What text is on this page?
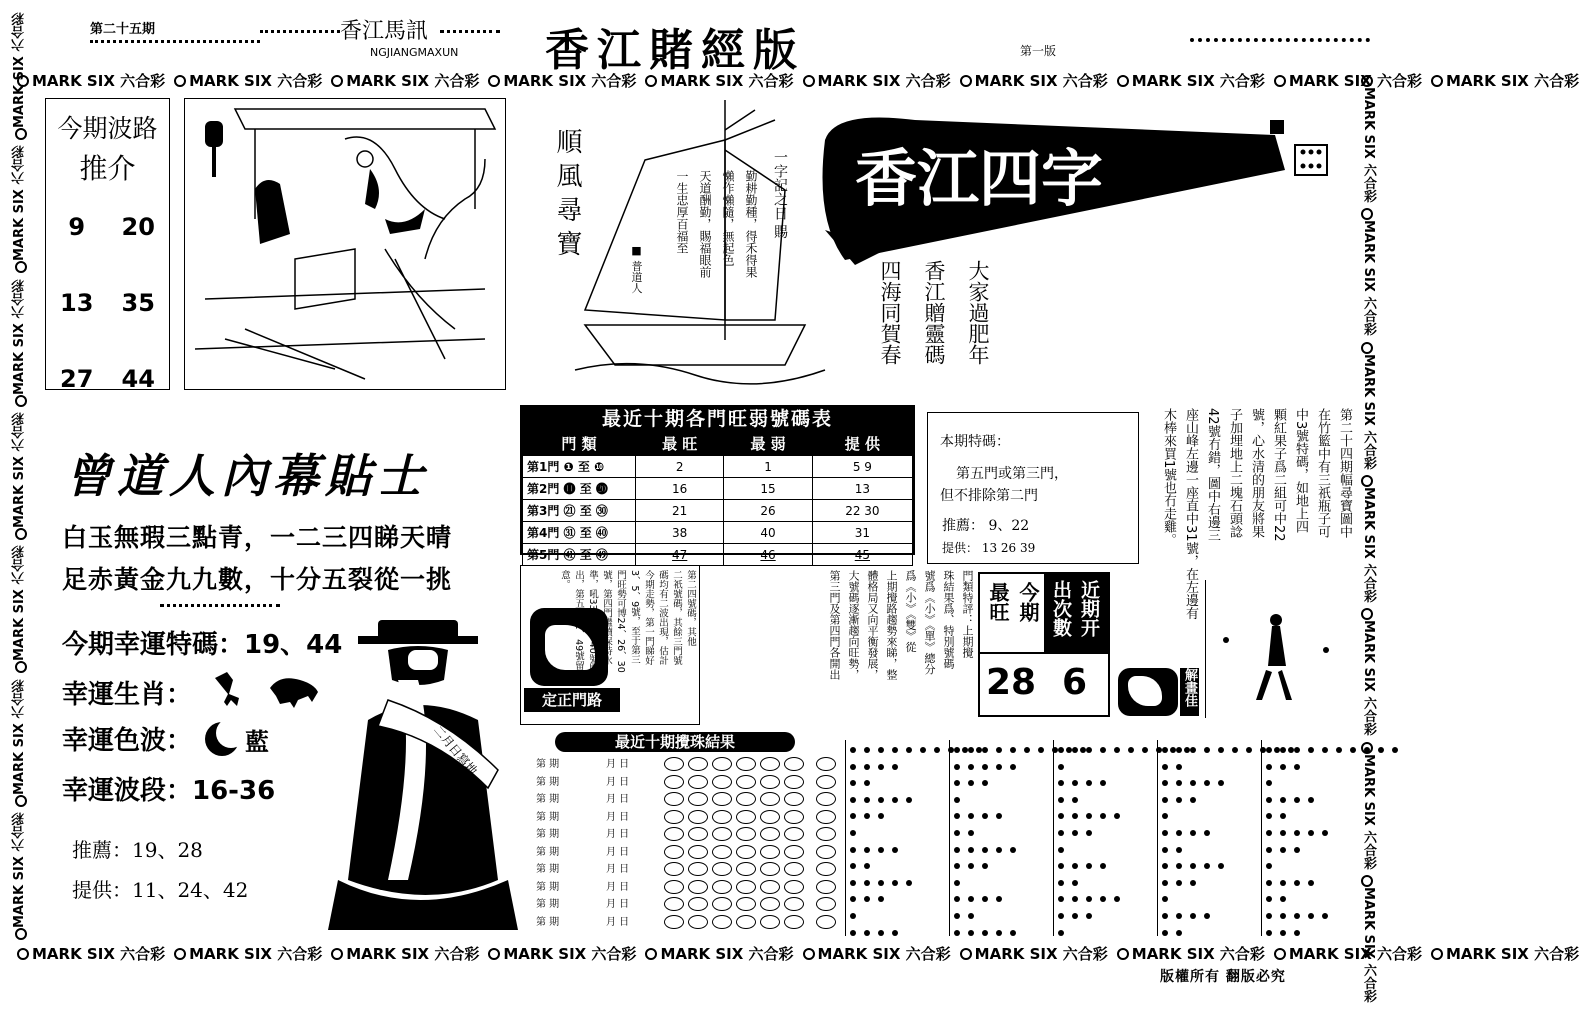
第二十五期	香江馬訊
NGJIANGMAXUN 香江賭經版	第一版
MARK SIX 六合彩 MARK SIX 六合彩 MARK SIX 六合彩 MARK SIX 六合彩 MARK SIX 六合彩 MARK SIX 六合彩 MARK SIX 六合彩 MARK SIX 六合彩 MARK SIX 六合彩 MARK SIX 六合彩
MARK SIX 六合彩 MARK SIX 六合彩 MARK SIX 六合彩 MARK SIX 六合彩 MARK SIX 六合彩 MARK SIX 六合彩 MARK SIX 六合彩 MARK SIX 六合彩 MARK SIX 六合彩 MARK SIX 六合彩
MARK SIX 六合彩MARK SIX 六合彩MARK SIX 六合彩MARK SIX 六合彩MARK SIX 六合彩MARK SIX 六合彩MARK SIX 六合彩
MARK SIX 六合彩MARK SIX 六合彩MARK SIX 六合彩MARK SIX 六合彩MARK SIX 六合彩MARK SIX 六合彩MARK SIX 六合彩
今期波路
推介
9	20
13	35
27	44
順風尋寶	一字記之日 賜
勤耕勤種，得禾得果
懶作懶隨，無起色
天道酬勤，賜福眼前
一生忠厚百福至
■ 普道人
香江四字
大家過肥年
香江贈靈碼
四海同賀春
最近十期各門旺弱號碼表
門 類	最 旺	最 弱	提 供
第1門 ❶ 至 ❿	2	1	5 9
第2門 ⓫ 至 ⓴	16	15	13
第3門 ㉑ 至 ㉚	21	26	22 30
第4門 ㉛ 至 ㊵	38	40	31
第5門 ㊶ 至 ㊾	47	46	45
本期特碼：
第五門或第三門，
但不排除第二門
推薦： 9、22
提供： 13 26 39
第二十四期幅尋寶圖中
在竹籃中有三祇瓶子可
中3號特碼，如地上四
顆紅果子爲二組可中22
號，心水清的朋友將果
子加埋地上二塊石頭諗
42號冇錯，圖中右邊三
座山峰左邊一座直中31號，在左邊有
木棒來買1號也冇走雞。
曾道人內幕貼士
白玉無瑕三點青，一二三四睇天晴
足赤黃金九九數，十分五裂從一挑
今期幸運特碼：19、44
幸運生肖：
幸運色波： 藍
幸運波段：16-36
推薦：19、28
提供：11、24、42
二月日寫地
定正門路
第二四號碼，其他
二祇號碼，其餘三門號
碼均有二波出現，估計
今期走勢，第一門睇好
3、5、9號，至于第三
門旺勢可博24、26、30
號，第四門繼續保持水
準，吼33、36、40號開
出，第五門41、49號留
意。	門類特評：上期攪
珠結果爲、特別號碼
號爲《小》《單》總分
爲《小》《雙》從
上期攪路趨勢來睇，整
體格局又向平衡發展，
大號碼逐漸趨向旺勢，
第三門及第四門各開出	最旺 今期 出次數 近期开
28 6	解畫佳
最近十期攪珠結果
第 期	月 日
第 期	月 日
第 期	月 日
第 期	月 日
第 期	月 日
第 期	月 日
第 期	月 日
第 期	月 日
第 期	月 日
第 期	月 日
版權所有 翻版必究
